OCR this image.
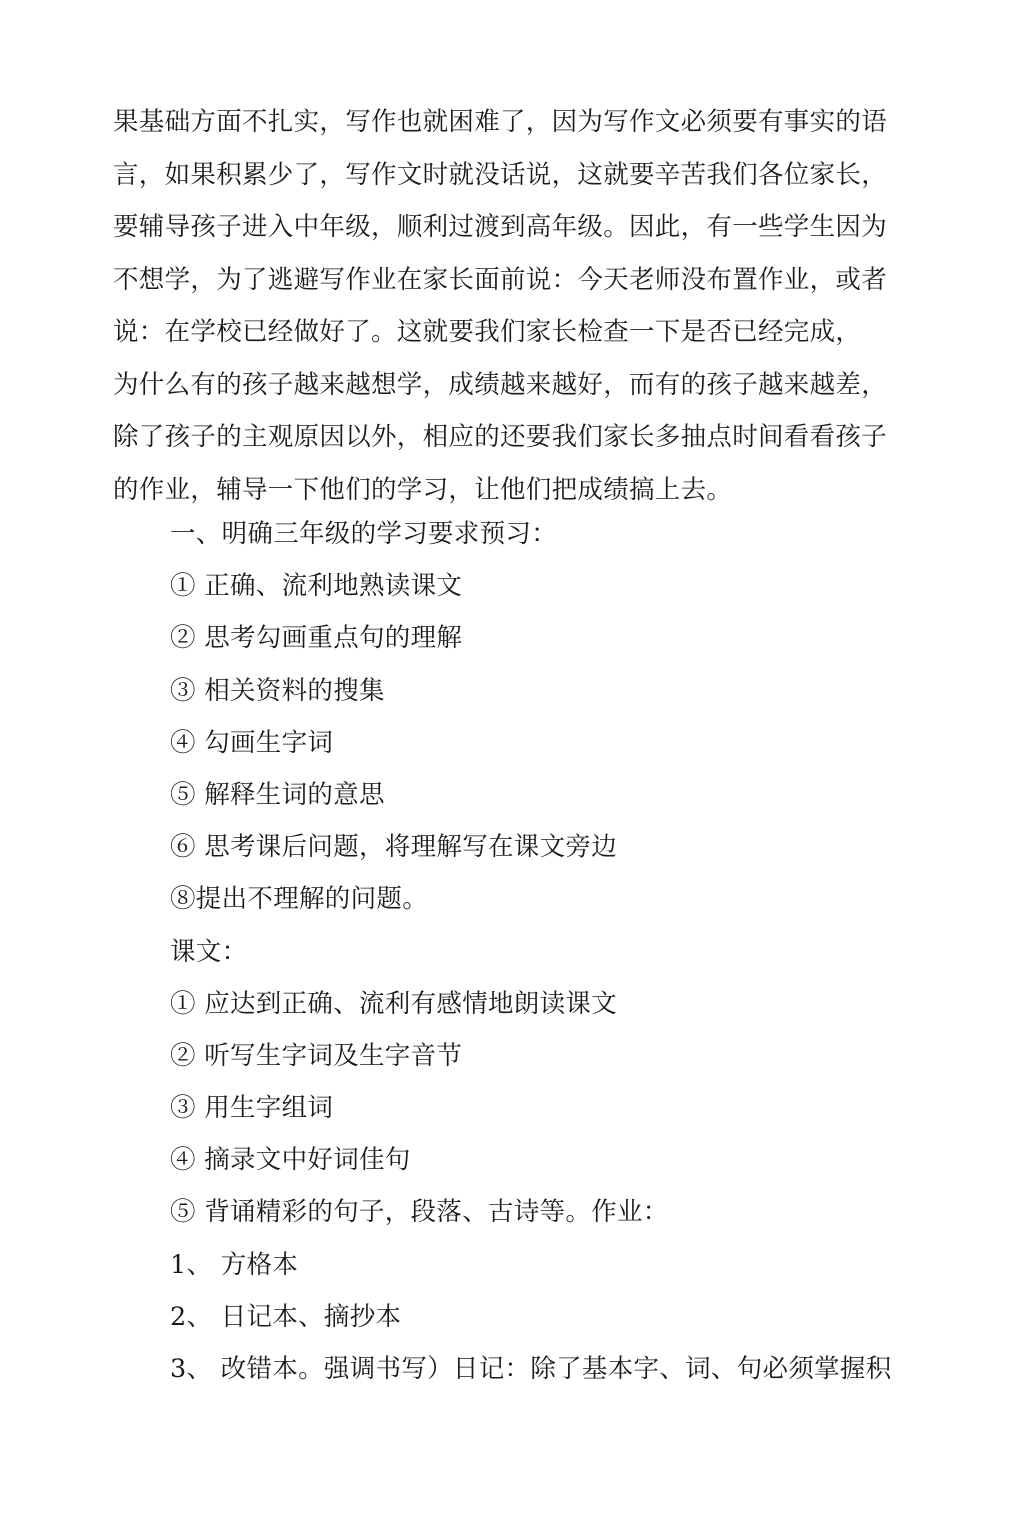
果基础方面不扎实，写作也就困难了，因为写作文必须要有事实的语
言，如果积累少了，写作文时就没话说，这就要辛苦我们各位家长，
要辅导孩子进入中年级，顺利过渡到高年级。因此，有一些学生因为
不想学，为了逃避写作业在家长面前说：今天老师没布置作业，或者
说：在学校已经做好了。这就要我们家长检查一下是否已经完成，
为什么有的孩子越来越想学，成绩越来越好，而有的孩子越来越差，
除了孩子的主观原因以外，相应的还要我们家长多抽点时间看看孩子
的作业，辅导一下他们的学习，让他们把成绩搞上去。
一、明确三年级的学习要求预习：
① 正确、流利地熟读课文
② 思考勾画重点句的理解
③ 相关资料的搜集
④ 勾画生字词
⑤ 解释生词的意思
⑥ 思考课后问题，将理解写在课文旁边
⑧提出不理解的问题。
课文：
① 应达到正确、流利有感情地朗读课文
② 听写生字词及生字音节
③ 用生字组词
④ 摘录文中好词佳句
⑤ 背诵精彩的句子，段落、古诗等。作业：
1、 方格本
2、 日记本、摘抄本
3、 改错本。强调书写）日记：除了基本字、词、句必须掌握积
